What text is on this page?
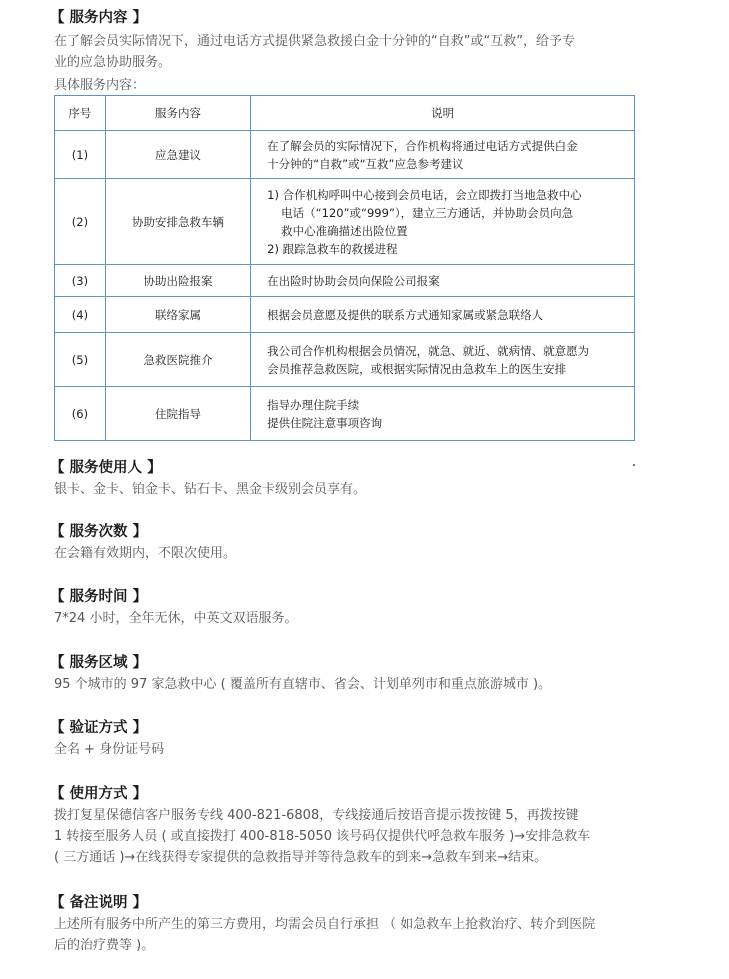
【 服务内容 】
在了解会员实际情况下，通过电话方式提供紧急救援白金十分钟的“自救”或“互救”，给予专
业的应急协助服务。
具体服务内容：
序号	服务内容	说明
(1)	应急建议	在了解会员的实际情况下，合作机构将通过电话方式提供白金
十分钟的“自救”或“互救”应急参考建议

(2)	协助安排急救车辆	1) 合作机构呼叫中心接到会员电话，会立即拨打当地急救中心
电话（“120”或“999”），建立三方通话，并协助会员向急
救中心准确描述出险位置
2) 跟踪急救车的救援进程

(3)	协助出险报案	在出险时协助会员向保险公司报案

(4)	联络家属	根据会员意愿及提供的联系方式通知家属或紧急联络人

(5)	急救医院推介	我公司合作机构根据会员情况，就急、就近、就病情、就意愿为
会员推荐急救医院，或根据实际情况由急救车上的医生安排

(6)	住院指导	指导办理住院手续
提供住院注意事项咨询
【 服务使用人 】
银卡、金卡、铂金卡、钻石卡、黑金卡级别会员享有。
【 服务次数 】
在会籍有效期内，不限次使用。
【 服务时间 】
7*24 小时，全年无休，中英文双语服务。
【 服务区域 】
95 个城市的 97 家急救中心 ( 覆盖所有直辖市、省会、计划单列市和重点旅游城市 )。
【 验证方式 】
全名 + 身份证号码
【 使用方式 】
拨打复星保德信客户服务专线 400-821-6808，专线接通后按语音提示拨按键 5，再拨按键
1 转接至服务人员 ( 或直接拨打 400-818-5050 该号码仅提供代呼急救车服务 )→安排急救车
( 三方通话 )→在线获得专家提供的急救指导并等待急救车的到来→急救车到来→结束。
【 备注说明 】
上述所有服务中所产生的第三方费用，均需会员自行承担 （ 如急救车上抢救治疗、转介到医院
后的治疗费等 )。
